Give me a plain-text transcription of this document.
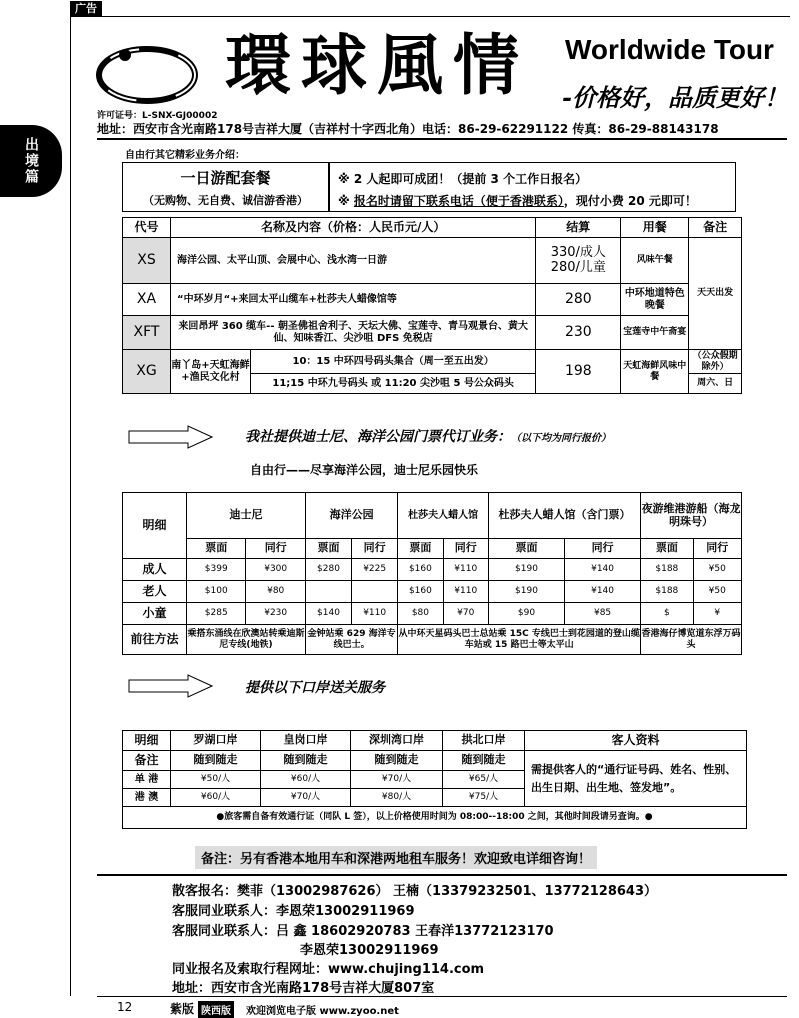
广告
出境篇
環球風情 Worldwide Tour
-价格好，品质更好！
许可证号：L-SNX-GJ00002
地址：西安市含光南路178号吉祥大厦（吉祥村十字西北角）电话：86-29-62291122 传真：86-29-88143178
自由行其它精彩业务介绍：
一日游配套餐
（无购物、无自费、诚信游香港）
※ 2 人起即可成团！（提前 3 个工作日报名）
※ 报名时请留下联系电话（便于香港联系），现付小费 20 元即可！
代号	名称及内容（价格：人民币元/人）		结算	用餐	备注
XS	海洋公园、太平山顶、会展中心、浅水湾一日游		330/成人 280/儿童	风味午餐	天天出发
XA	“中环岁月“+来回太平山缆车+杜莎夫人蜡像馆等		280	中环地道特色晚餐	
XFT	来回昂坪 360 缆车-- 朝圣佛祖舍利子、天坛大佛、宝莲寺、青马观景台、黄大仙、知味香江、尖沙咀 DFS 免税店		230	宝莲寺中午斋宴	
XG	南丫岛+天虹海鲜+渔民文化村	10：15 中环四号码头集合（周一至五出发）	198	天虹海鲜风味中餐	（公众假期除外）
		11;15 中环九号码头 或 11:20 尖沙咀 5 号公众码头			周六、日
我社提供迪士尼、海洋公园门票代订业务：（以下均为同行报价）
自由行——尽享海洋公园，迪士尼乐园快乐
明细	迪士尼		海洋公园		杜莎夫人蜡人馆		杜莎夫人蜡人馆（含门票）		夜游维港游船（海龙明珠号）	
	票面	同行	票面	同行	票面	同行	票面	同行	票面	同行
成人	$399	¥300	$280	¥225	$160	¥110	$190	¥140	$188	¥50
老人	$100	¥80			$160	¥110	$190	¥140	$188	¥50
小童	$285	¥230	$140	¥110	$80	¥70	$90	¥85	$	¥
前往方法	乘搭东涌线在欣澳站转乘迪斯尼专线(地铁)		金钟站乘 629 海洋专线巴士。		从中环天星码头巴士总站乘 15C 专线巴士到花园道的登山缆车站或 15 路巴士等太平山				香港海仔博览道东浮万码头	
提供以下口岸送关服务
明细	罗湖口岸	皇岗口岸	深圳湾口岸	拱北口岸	客人资料
备注	随到随走	随到随走	随到随走	随到随走	需提供客人的“通行证号码、姓名、性别、出生日期、出生地、签发地”。
单 港	¥50/人	¥60/人	¥70/人	¥65/人	
港 澳	¥60/人	¥70/人	¥80/人	¥75/人	
●旅客需自备有效通行证（同队 L 签），以上价格使用时间为 08:00--18:00 之间，其他时间段请另查询。●					
备注：另有香港本地用车和深港两地租车服务！欢迎致电详细咨询！
散客报名：樊菲（13002987626） 王楠（13379232501、13772128643）
客服同业联系人：李恩荣13002911969
客服同业联系人：吕 鑫 18602920783 王春洋13772123170
李恩荣13002911969
同业报名及索取行程网址：www.chujing114.com
地址：西安市含光南路178号吉祥大厦807室
12	紫版 陕西版	欢迎浏览电子版 www.zyoo.net
